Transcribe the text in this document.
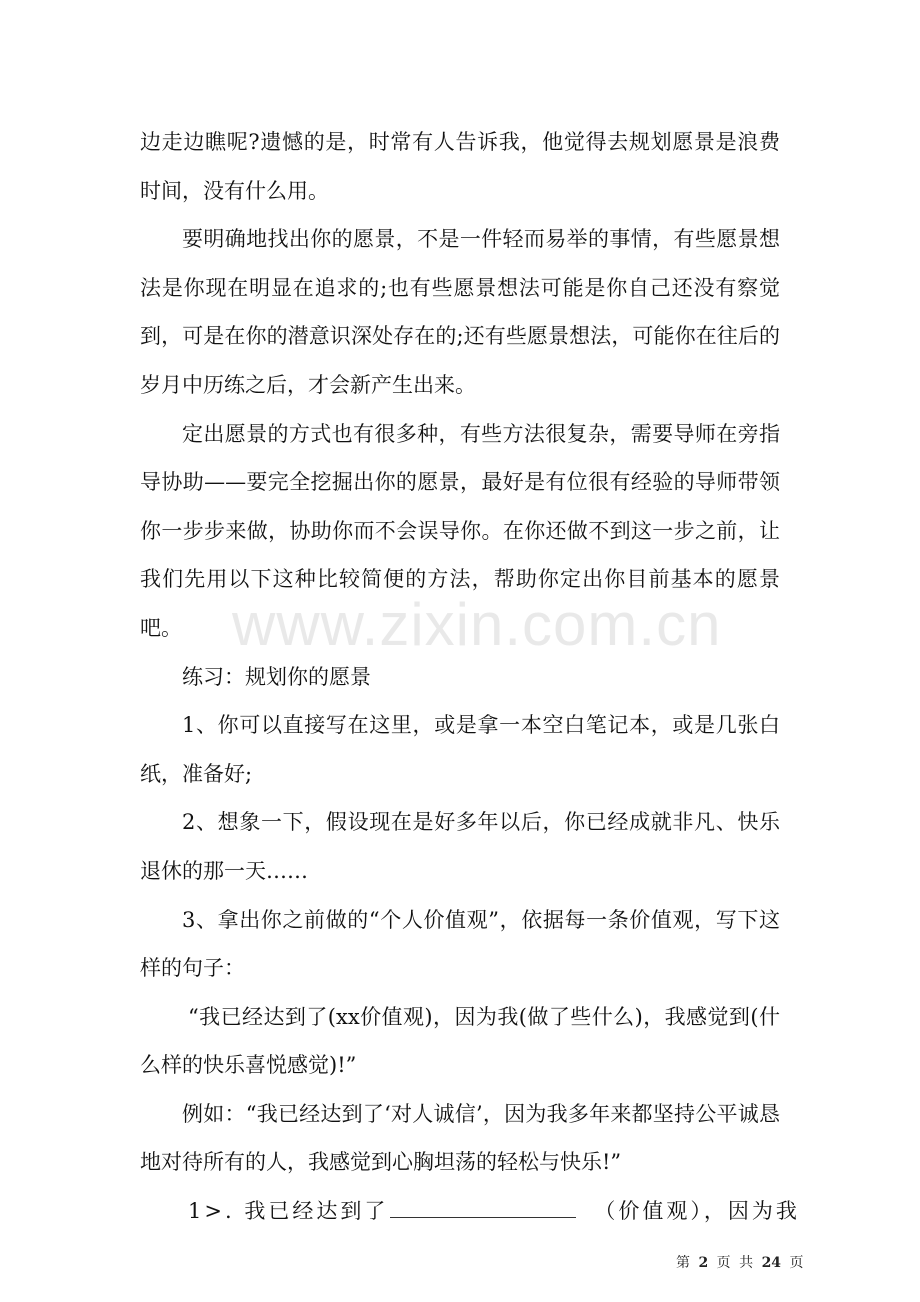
边走边瞧呢?遗憾的是，时常有人告诉我，他觉得去规划愿景是浪费时间，没有什么用。

要明确地找出你的愿景，不是一件轻而易举的事情，有些愿景想法是你现在明显在追求的;也有些愿景想法可能是你自己还没有察觉到，可是在你的潜意识深处存在的;还有些愿景想法，可能你在往后的岁月中历练之后，才会新产生出来。

定出愿景的方式也有很多种，有些方法很复杂，需要导师在旁指导协助——要完全挖掘出你的愿景，最好是有位很有经验的导师带领你一步步来做，协助你而不会误导你。在你还做不到这一步之前，让我们先用以下这种比较简便的方法，帮助你定出你目前基本的愿景吧。

练习：规划你的愿景

1、你可以直接写在这里，或是拿一本空白笔记本，或是几张白纸，准备好;

2、想象一下，假设现在是好多年以后，你已经成就非凡、快乐退休的那一天……

3、拿出你之前做的“个人价值观”，依据每一条价值观，写下这样的句子：

“我已经达到了(xx价值观)，因为我(做了些什么)，我感觉到(什么样的快乐喜悦感觉)!”

例如：“我已经达到了‘对人诚信’，因为我多年来都坚持公平诚恳地对待所有的人，我感觉到心胸坦荡的轻松与快乐!”

1>. 我已经达到了	（价值观），因为我

www.zixin.com.cn
第 2 页 共 24 页
